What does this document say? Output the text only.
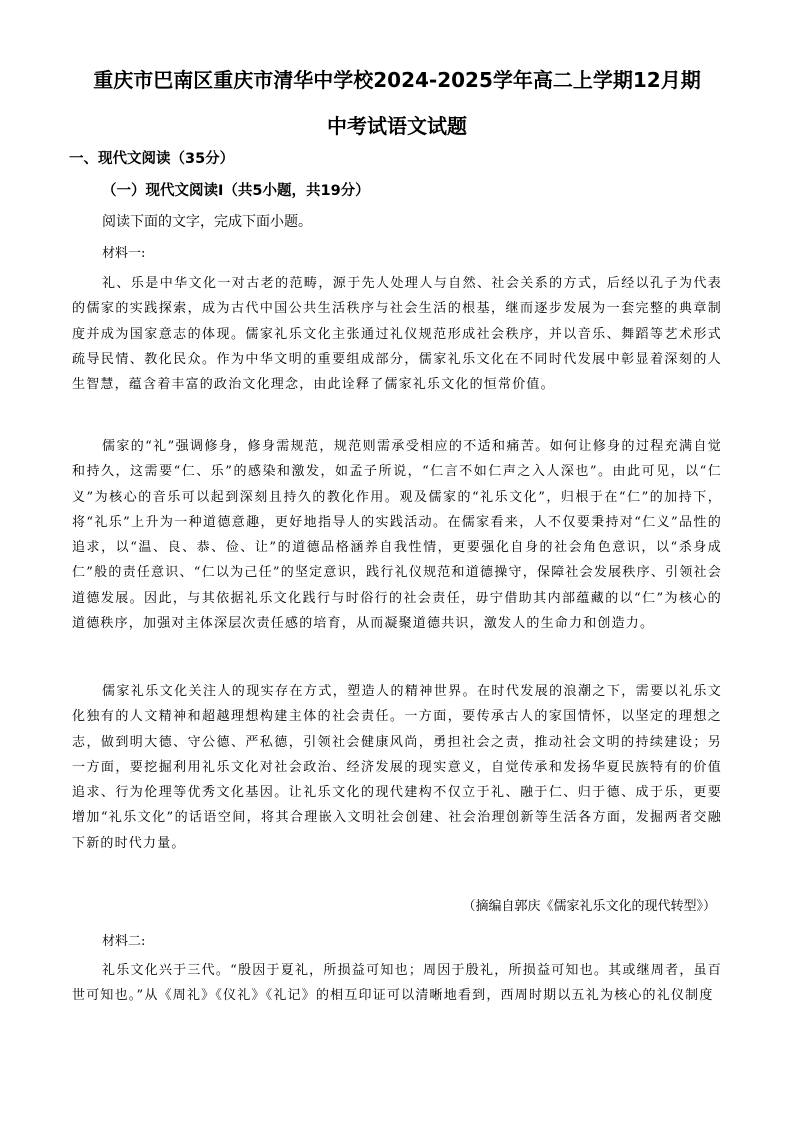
重庆市巴南区重庆市清华中学校2024-2025学年高二上学期12月期
中考试语文试题
一、现代文阅读（35分）
（一）现代文阅读Ⅰ（共5小题，共19分）
阅读下面的文字，完成下面小题。
材料一:

礼、乐是中华文化一对古老的范畴，源于先人处理人与自然、社会关系的方式，后经以孔子为代表的儒家的实践探索，成为古代中国公共生活秩序与社会生活的根基，继而逐步发展为一套完整的典章制度并成为国家意志的体现。儒家礼乐文化主张通过礼仪规范形成社会秩序，并以音乐、舞蹈等艺术形式疏导民情、教化民众。作为中华文明的重要组成部分，儒家礼乐文化在不同时代发展中彰显着深刻的人生智慧，蕴含着丰富的政治文化理念，由此诠释了儒家礼乐文化的恒常价值。

儒家的“礼”强调修身，修身需规范，规范则需承受相应的不适和痛苦。如何让修身的过程充满自觉和持久，这需要“仁、乐”的感染和激发，如孟子所说，“仁言不如仁声之入人深也”。由此可见，以“仁义”为核心的音乐可以起到深刻且持久的教化作用。观及儒家的“礼乐文化”，归根于在“仁”的加持下，将“礼乐”上升为一种道德意趣，更好地指导人的实践活动。在儒家看来，人不仅要秉持对“仁义”品性的追求，以“温、良、恭、俭、让”的道德品格涵养自我性情，更要强化自身的社会角色意识，以“杀身成仁”般的责任意识、“仁以为己任”的坚定意识，践行礼仪规范和道德操守，保障社会发展秩序、引领社会道德发展。因此，与其依据礼乐文化践行与时俗行的社会责任，毋宁借助其内部蕴藏的以“仁”为核心的道德秩序，加强对主体深层次责任感的培育，从而凝聚道德共识，激发人的生命力和创造力。

儒家礼乐文化关注人的现实存在方式，塑造人的精神世界。在时代发展的浪潮之下，需要以礼乐文化独有的人文精神和超越理想构建主体的社会责任。一方面，要传承古人的家国情怀，以坚定的理想之志，做到明大德、守公德、严私德，引领社会健康风尚，勇担社会之责，推动社会文明的持续建设；另一方面，要挖掘利用礼乐文化对社会政治、经济发展的现实意义，自觉传承和发扬华夏民族特有的价值追求、行为伦理等优秀文化基因。让礼乐文化的现代建构不仅立于礼、融于仁、归于德、成于乐，更要增加“礼乐文化”的话语空间，将其合理嵌入文明社会创建、社会治理创新等生活各方面，发掘两者交融下新的时代力量。

（摘编自郭庆《儒家礼乐文化的现代转型》）
材料二:

礼乐文化兴于三代。“殷因于夏礼，所损益可知也；周因于殷礼，所损益可知也。其或继周者，虽百世可知也。”从《周礼》《仪礼》《礼记》的相互印证可以清晰地看到，西周时期以五礼为核心的礼仪制度
